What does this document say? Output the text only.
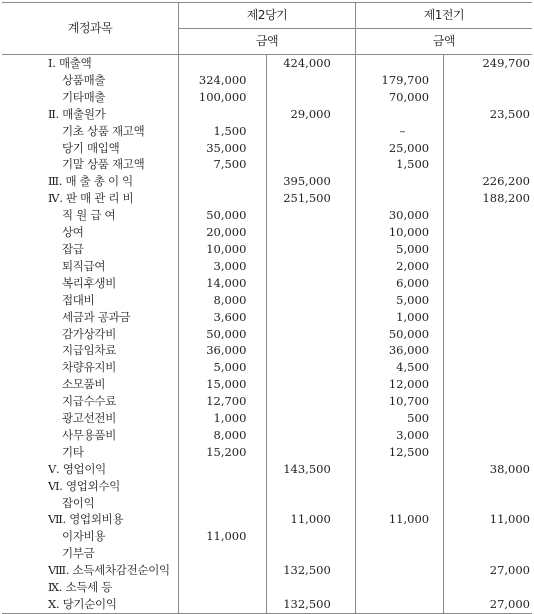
계정과목	제2당기		제1전기	
	금액		금액	
Ⅰ. 매출액		424,000		249,700
상품매출	324,000		179,700	
기타매출	100,000		70,000	
Ⅱ. 매출원가		29,000		23,500
기초 상품 재고액	1,500		–	
당기 매입액	35,000		25,000	
기말 상품 재고액	7,500		1,500	
Ⅲ. 매 출 총 이 익		395,000		226,200
Ⅳ. 판 매 관 리 비		251,500		188,200
직 원 급 여	50,000		30,000	
상여	20,000		10,000	
잡급	10,000		5,000	
퇴직급여	3,000		2,000	
복리후생비	14,000		6,000	
접대비	8,000		5,000	
세금과 공과금	3,600		1,000	
감가상각비	50,000		50,000	
지급임차료	36,000		36,000	
차량유지비	5,000		4,500	
소모품비	15,000		12,000	
지급수수료	12,700		10,700	
광고선전비	1,000		500	
사무용품비	8,000		3,000	
기타	15,200		12,500	
Ⅴ. 영업이익		143,500		38,000
Ⅵ. 영업외수익				
잡이익				
Ⅶ. 영업외비용		11,000	11,000	11,000
이자비용	11,000			
기부금				
Ⅷ. 소득세차감전순이익		132,500		27,000
Ⅸ. 소득세 등				
Ⅹ. 당기순이익		132,500		27,000
